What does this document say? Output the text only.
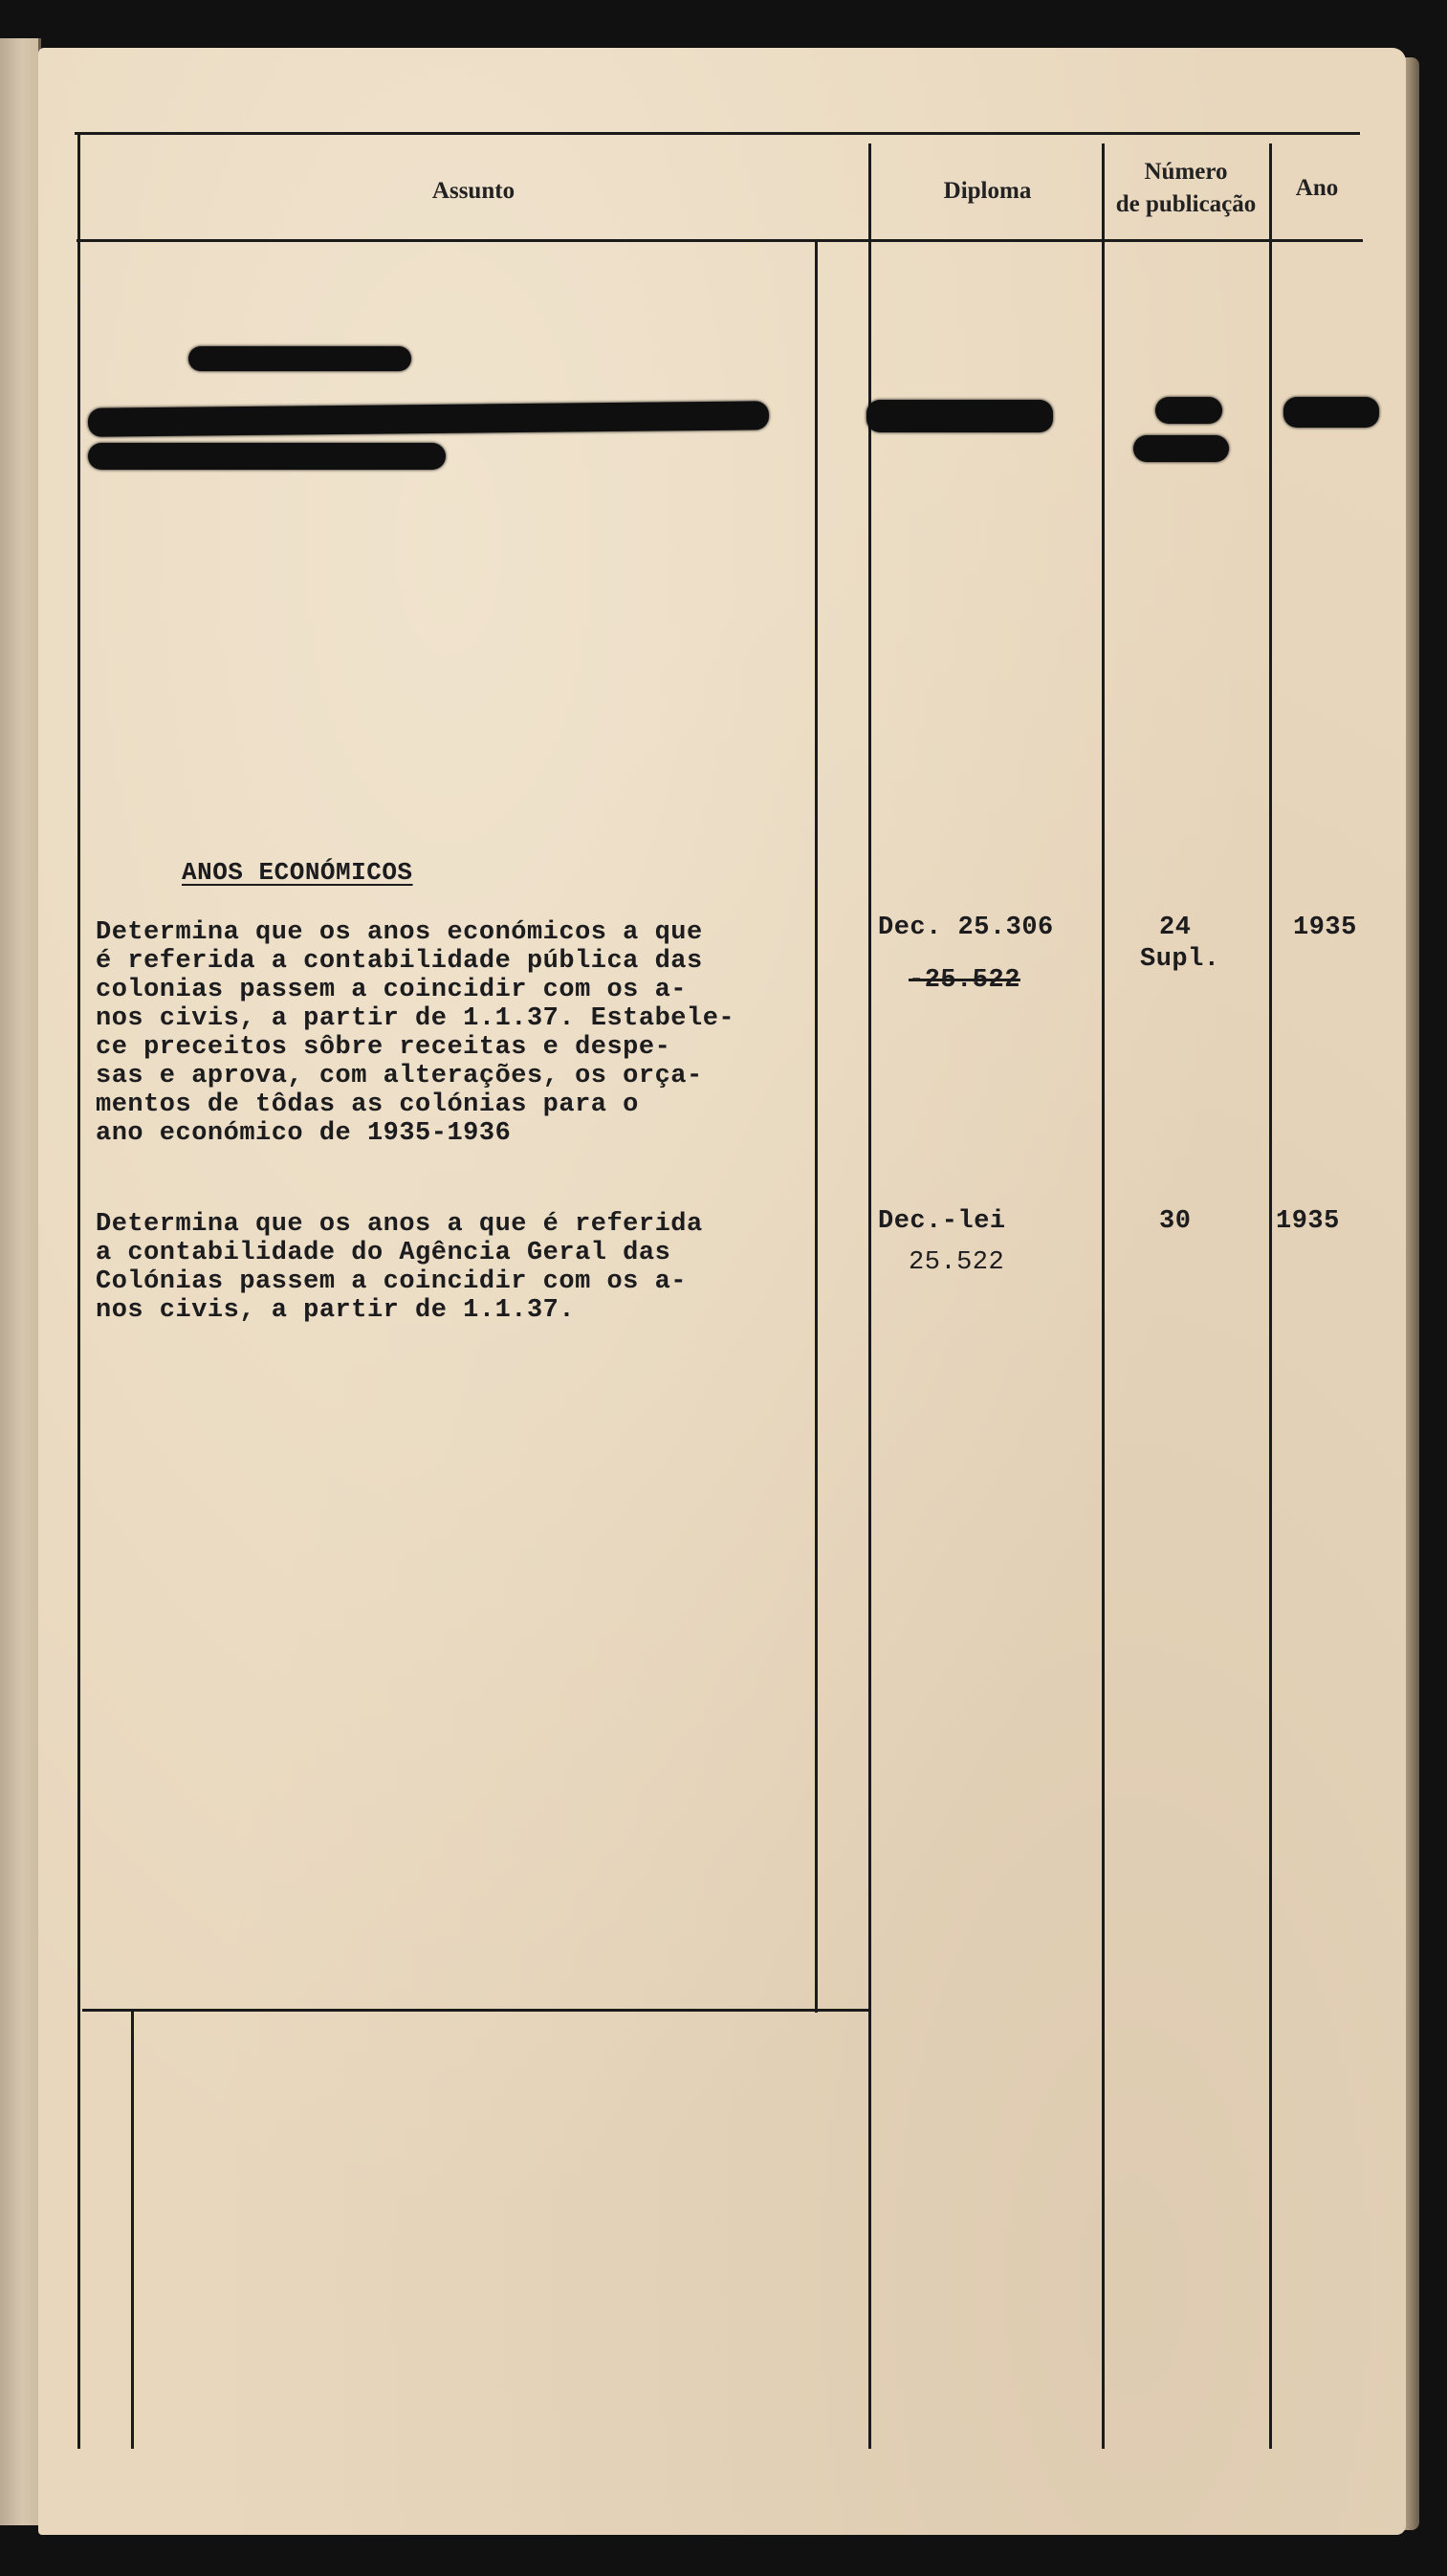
Assunto	Diploma
Número
de publicação
Ano
ANOS ECONÓMICOS
Determina que os anos económicos a que
é referida a contabilidade pública das
colonias passem a coincidir com os a-
nos civis, a partir de 1.1.37. Estabele-
ce preceitos sôbre receitas e despe-
sas e aprova, com alterações, os orça-
mentos de tôdas as colónias para o
ano económico de 1935-1936
Dec. 25.306
-25.522
24
Supl.
1935
Determina que os anos a que é referida
a contabilidade do Agência Geral das
Colónias passem a coincidir com os a-
nos civis, a partir de 1.1.37.
Dec.-lei
25.522
30	1935
